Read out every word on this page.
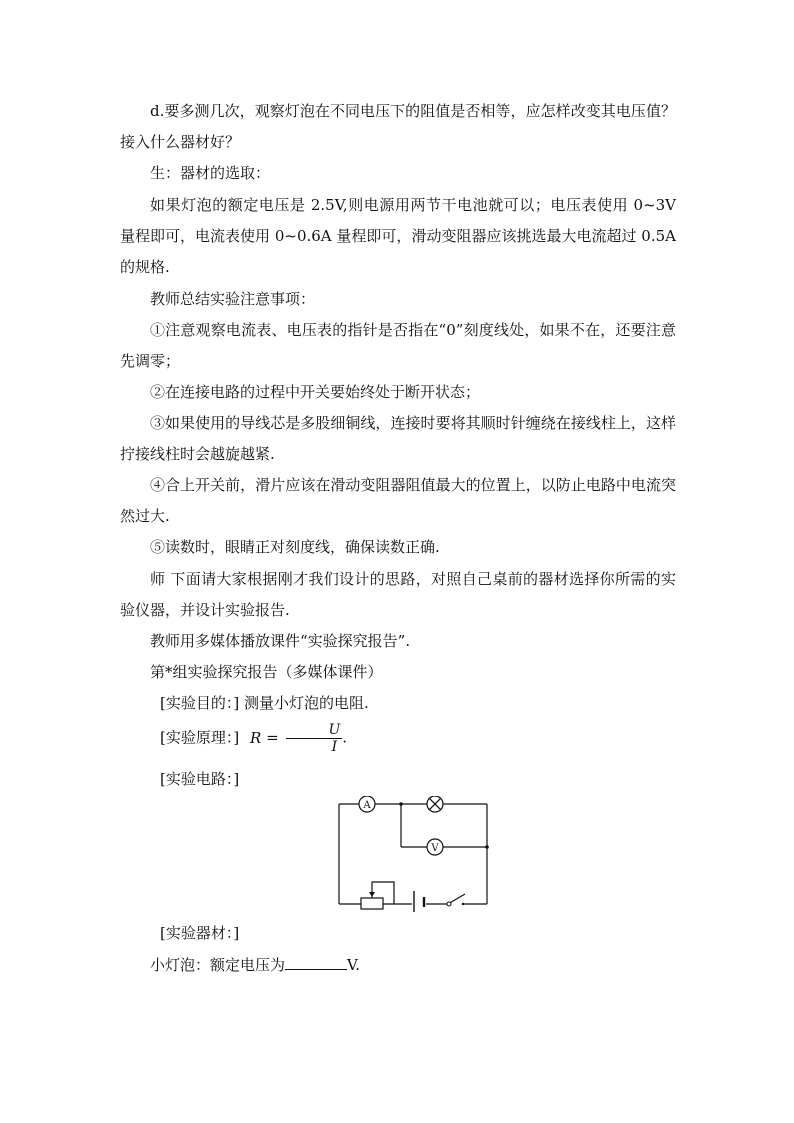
d.要多测几次，观察灯泡在不同电压下的阻值是否相等，应怎样改变其电压值？接入什么器材好？

生：器材的选取：

如果灯泡的额定电压是 2.5V,则电源用两节干电池就可以；电压表使用 0~3V 量程即可，电流表使用 0~0.6A 量程即可，滑动变阻器应该挑选最大电流超过 0.5A 的规格.

教师总结实验注意事项：

①注意观察电流表、电压表的指针是否指在“0”刻度线处，如果不在，还要注意先调零；

②在连接电路的过程中开关要始终处于断开状态；

③如果使用的导线芯是多股细铜线，连接时要将其顺时针缠绕在接线柱上，这样拧接线柱时会越旋越紧.

④合上开关前，滑片应该在滑动变阻器阻值最大的位置上，以防止电路中电流突然过大.

⑤读数时，眼睛正对刻度线，确保读数正确.

师 下面请大家根据刚才我们设计的思路，对照自己桌前的器材选择你所需的实验仪器，并设计实验报告.

教师用多媒体播放课件“实验探究报告”.

第*组实验探究报告（多媒体课件）

[实验目的：] 测量小灯泡的电阻.

[实验原理：] $R = \frac{U}{I}$ .

[实验电路：]

A
V

[实验器材：]

小灯泡：额定电压为	V.
